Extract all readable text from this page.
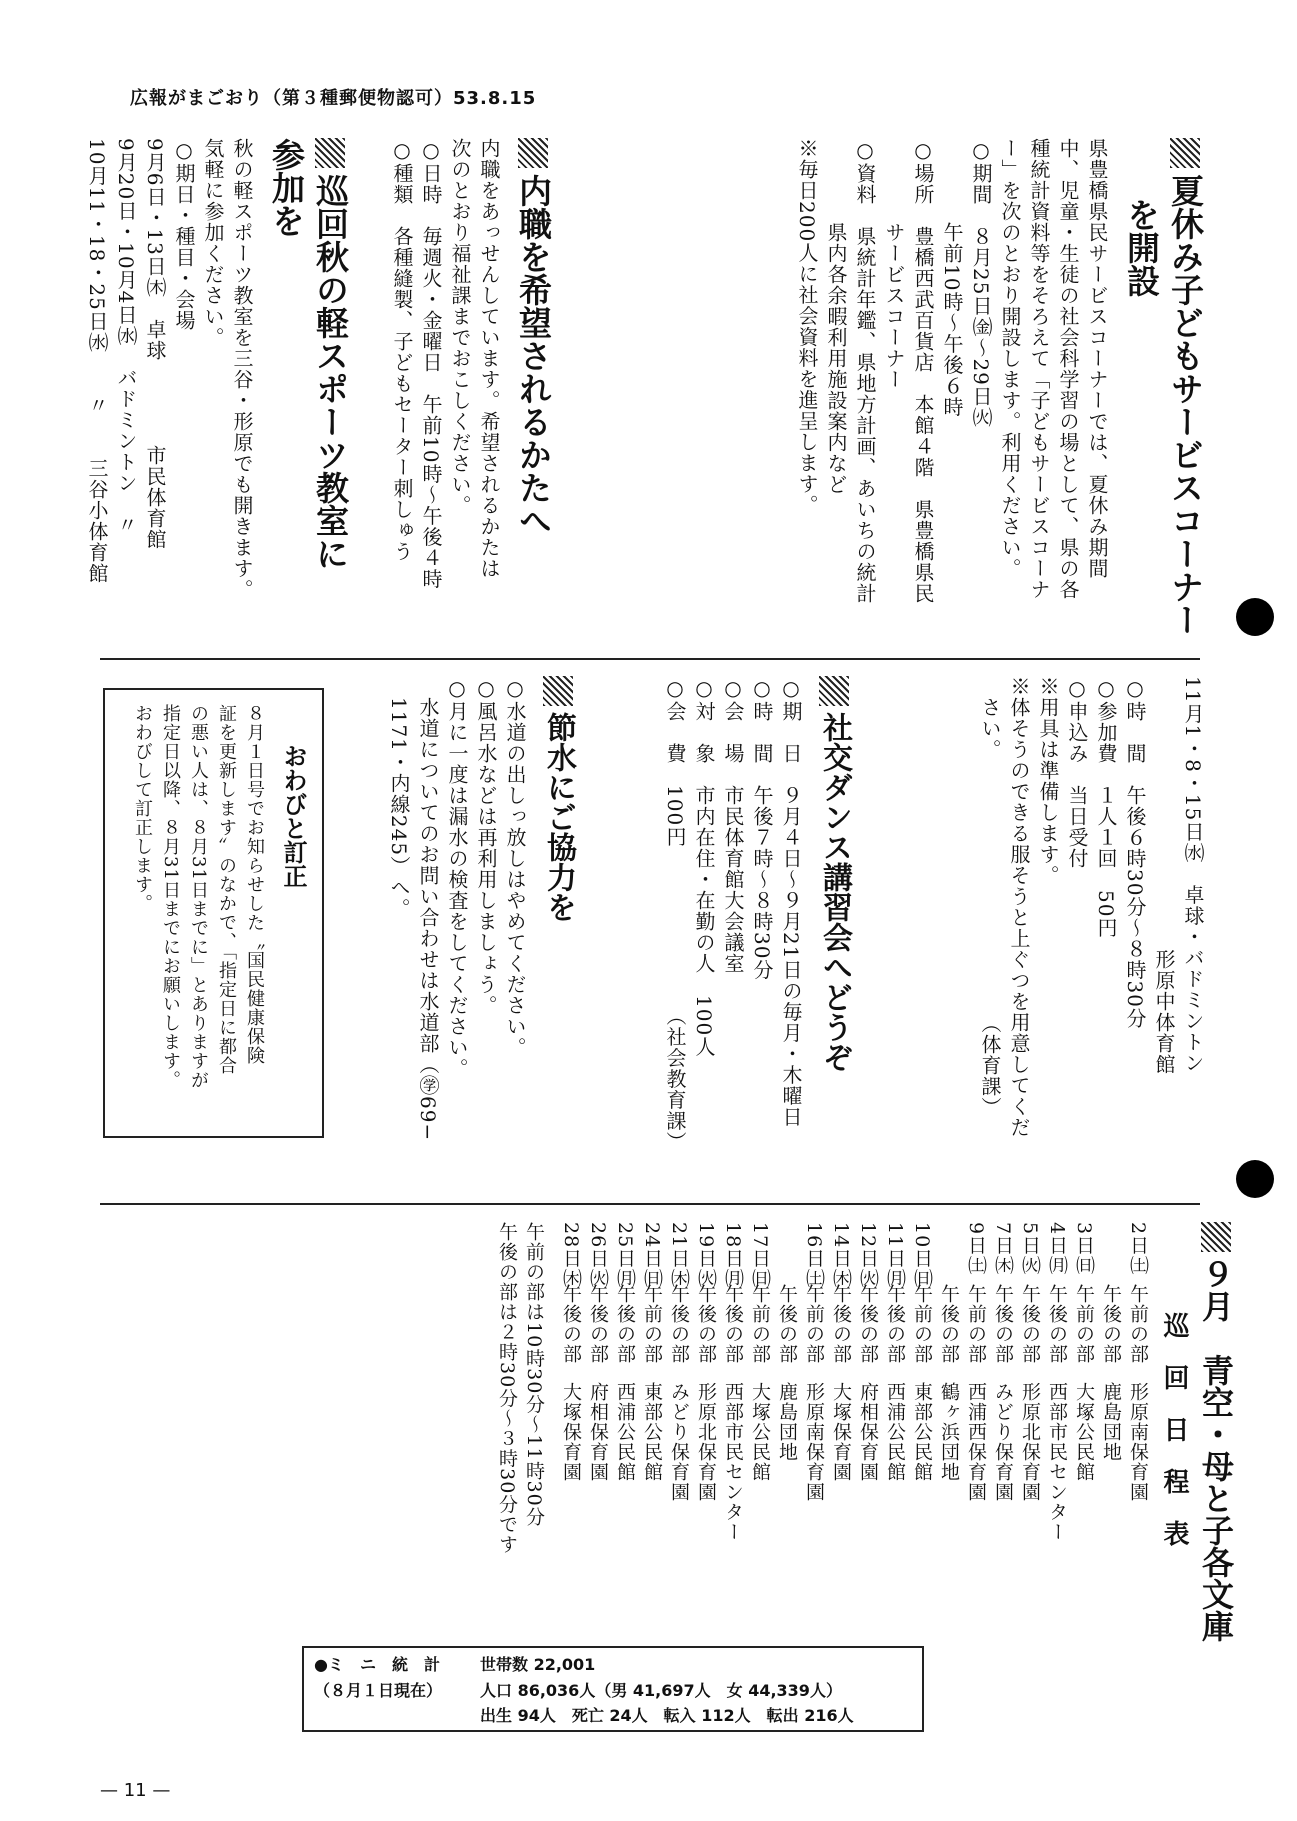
広報がまごおり（第３種郵便物認可）53.8.15
夏休み子どもサービスコーナー
を開設
県豊橋県民サービスコーナーでは、夏休み期間
中、児童・生徒の社会科学習の場として、県の各
種統計資料等をそろえて「子どもサービスコーナ
ー」を次のとおり開設します。利用ください。
○期間　８月25日㈮〜29日㈫
　　　　午前10時〜午後６時
○場所　豊橋西武百貨店　本館４階　県豊橋県民
　　　　サービスコーナー
○資料　県統計年鑑、県地方計画、あいちの統計
　　　　県内各余暇利用施設案内など
※毎日200人に社会資料を進呈します。
内職を希望されるかたへ
内職をあっせんしています。希望されるかたは
次のとおり福祉課までおこしください。
○日時　毎週火・金曜日　午前10時〜午後４時
○種類　各種縫製、子どもセーター刺しゅう
巡回秋の軽スポーツ教室に
参加を
秋の軽スポーツ教室を三谷・形原でも開きます。
気軽に参加ください。
○期日・種目・会場
9月6日・13日㈭　卓球　　　　市民体育館
9月20日・10月4日㈬　バドミントン　〃
10月11・18・25日㈬　　〃　　三谷小体育館
11月1・8・15日㈬　卓球・バドミントン
　　　　　　　　　　　　　形原中体育館
○時　間　午後６時30分〜８時30分
○参加費　１人１回　50円
○申込み　当日受付
※用具は準備します。
※体そうのできる服そうと上ぐつを用意してくだ
　さい。　　　　　　　　　　　　　（体育課）
社交ダンス講習会へどうぞ
○期　日　９月４日〜９月21日の毎月・木曜日
○時　間　午後７時〜８時30分
○会　場　市民体育館大会議室
○対　象　市内在住・在勤の人　100人
○会　費　100円　　　　　　　　（社会教育課）
節水にご協力を
○水道の出しっ放しはやめてください。
○風呂水などは再利用しましょう。
○月に一度は漏水の検査をしてください。
　水道についてのお問い合わせは水道部（㊫69−
　1171・内線245）へ。
おわびと訂正
８月１日号でお知らせした〝国民健康保険
証を更新します〟のなかで、「指定日に都合
の悪い人は、８月31日までに」とありますが
指定日以降、８月31日までにお願いします。
おわびして訂正します。
９月　青空・母と子各文庫
巡　回　日　程　表
2日㈯午前の部形原南保育園
午後の部鹿島団地
3日㈰午前の部大塚公民館
4日㈪午後の部西部市民センター
5日㈫午後の部形原北保育園
7日㈭午後の部みどり保育園
9日㈯午前の部西浦西保育園
午後の部鶴ヶ浜団地
10日㈰午前の部東部公民館
11日㈪午後の部西浦公民館
12日㈫午後の部府相保育園
14日㈭午後の部大塚保育園
16日㈯午前の部形原南保育園
午後の部鹿島団地
17日㈰午前の部大塚公民館
18日㈪午後の部西部市民センター
19日㈫午後の部形原北保育園
21日㈭午後の部みどり保育園
24日㈰午前の部東部公民館
25日㈪午後の部西浦公民館
26日㈫午後の部府相保育園
28日㈭午後の部大塚保育園
午前の部は10時30分〜11時30分
午後の部は２時30分〜３時30分です
●ミ　ニ　統　計
（８月１日現在）
世帯数 22,001
人口 86,036人（男 41,697人　女 44,339人）
出生 94人　死亡 24人　転入 112人　転出 216人
— 11 —
